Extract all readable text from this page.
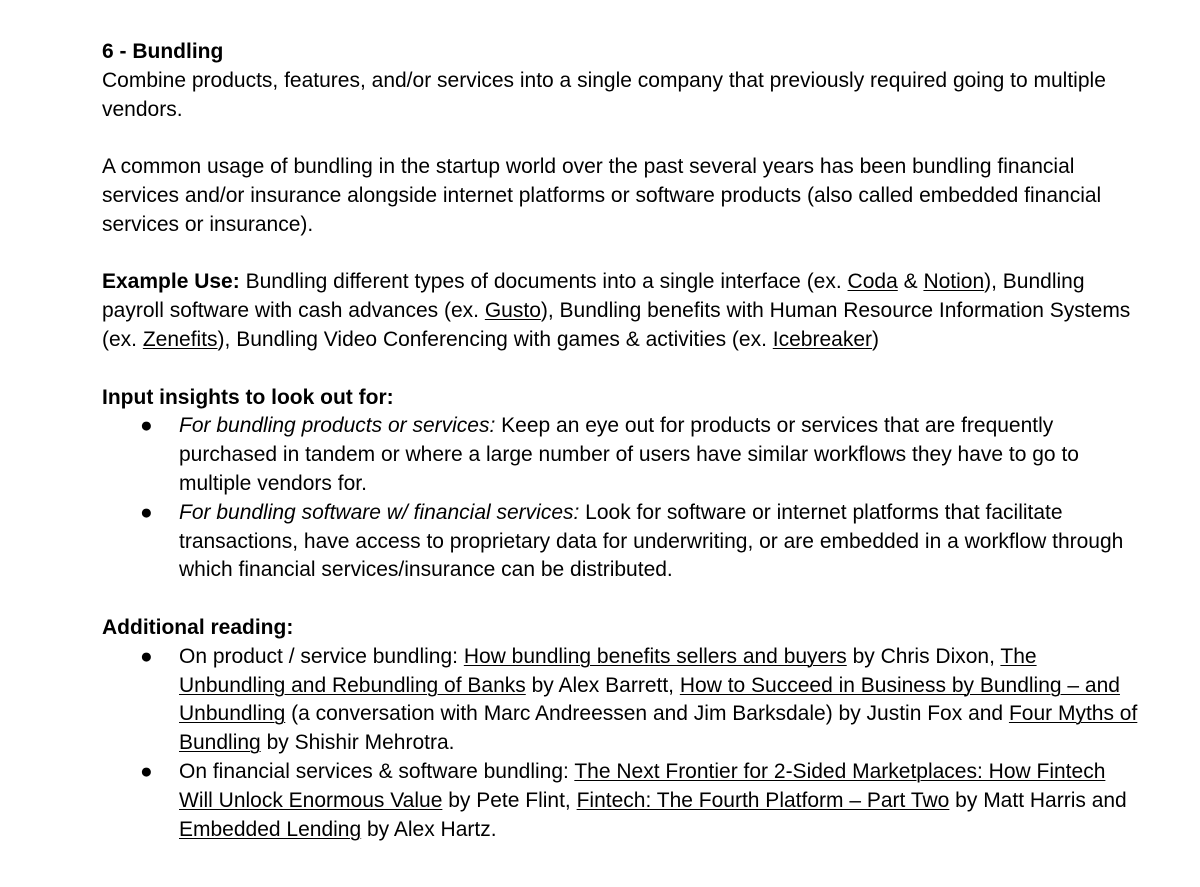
6 - Bundling

Combine products, features, and/or services into a single company that previously required going to multiple vendors.

A common usage of bundling in the startup world over the past several years has been bundling financial services and/or insurance alongside internet platforms or software products (also called embedded financial services or insurance).

Example Use: Bundling different types of documents into a single interface (ex. Coda & Notion), Bundling payroll software with cash advances (ex. Gusto), Bundling benefits with Human Resource Information Systems (ex. Zenefits), Bundling Video Conferencing with games & activities (ex. Icebreaker)

Input insights to look out for:

● For bundling products or services: Keep an eye out for products or services that are frequently purchased in tandem or where a large number of users have similar workflows they have to go to multiple vendors for.
● For bundling software w/ financial services: Look for software or internet platforms that facilitate transactions, have access to proprietary data for underwriting, or are embedded in a workflow through which financial services/insurance can be distributed.

Additional reading:

● On product / service bundling: How bundling benefits sellers and buyers by Chris Dixon, The Unbundling and Rebundling of Banks by Alex Barrett, How to Succeed in Business by Bundling – and Unbundling (a conversation with Marc Andreessen and Jim Barksdale) by Justin Fox and Four Myths of Bundling by Shishir Mehrotra.
● On financial services & software bundling: The Next Frontier for 2-Sided Marketplaces: How Fintech Will Unlock Enormous Value by Pete Flint, Fintech: The Fourth Platform – Part Two by Matt Harris and Embedded Lending by Alex Hartz.
